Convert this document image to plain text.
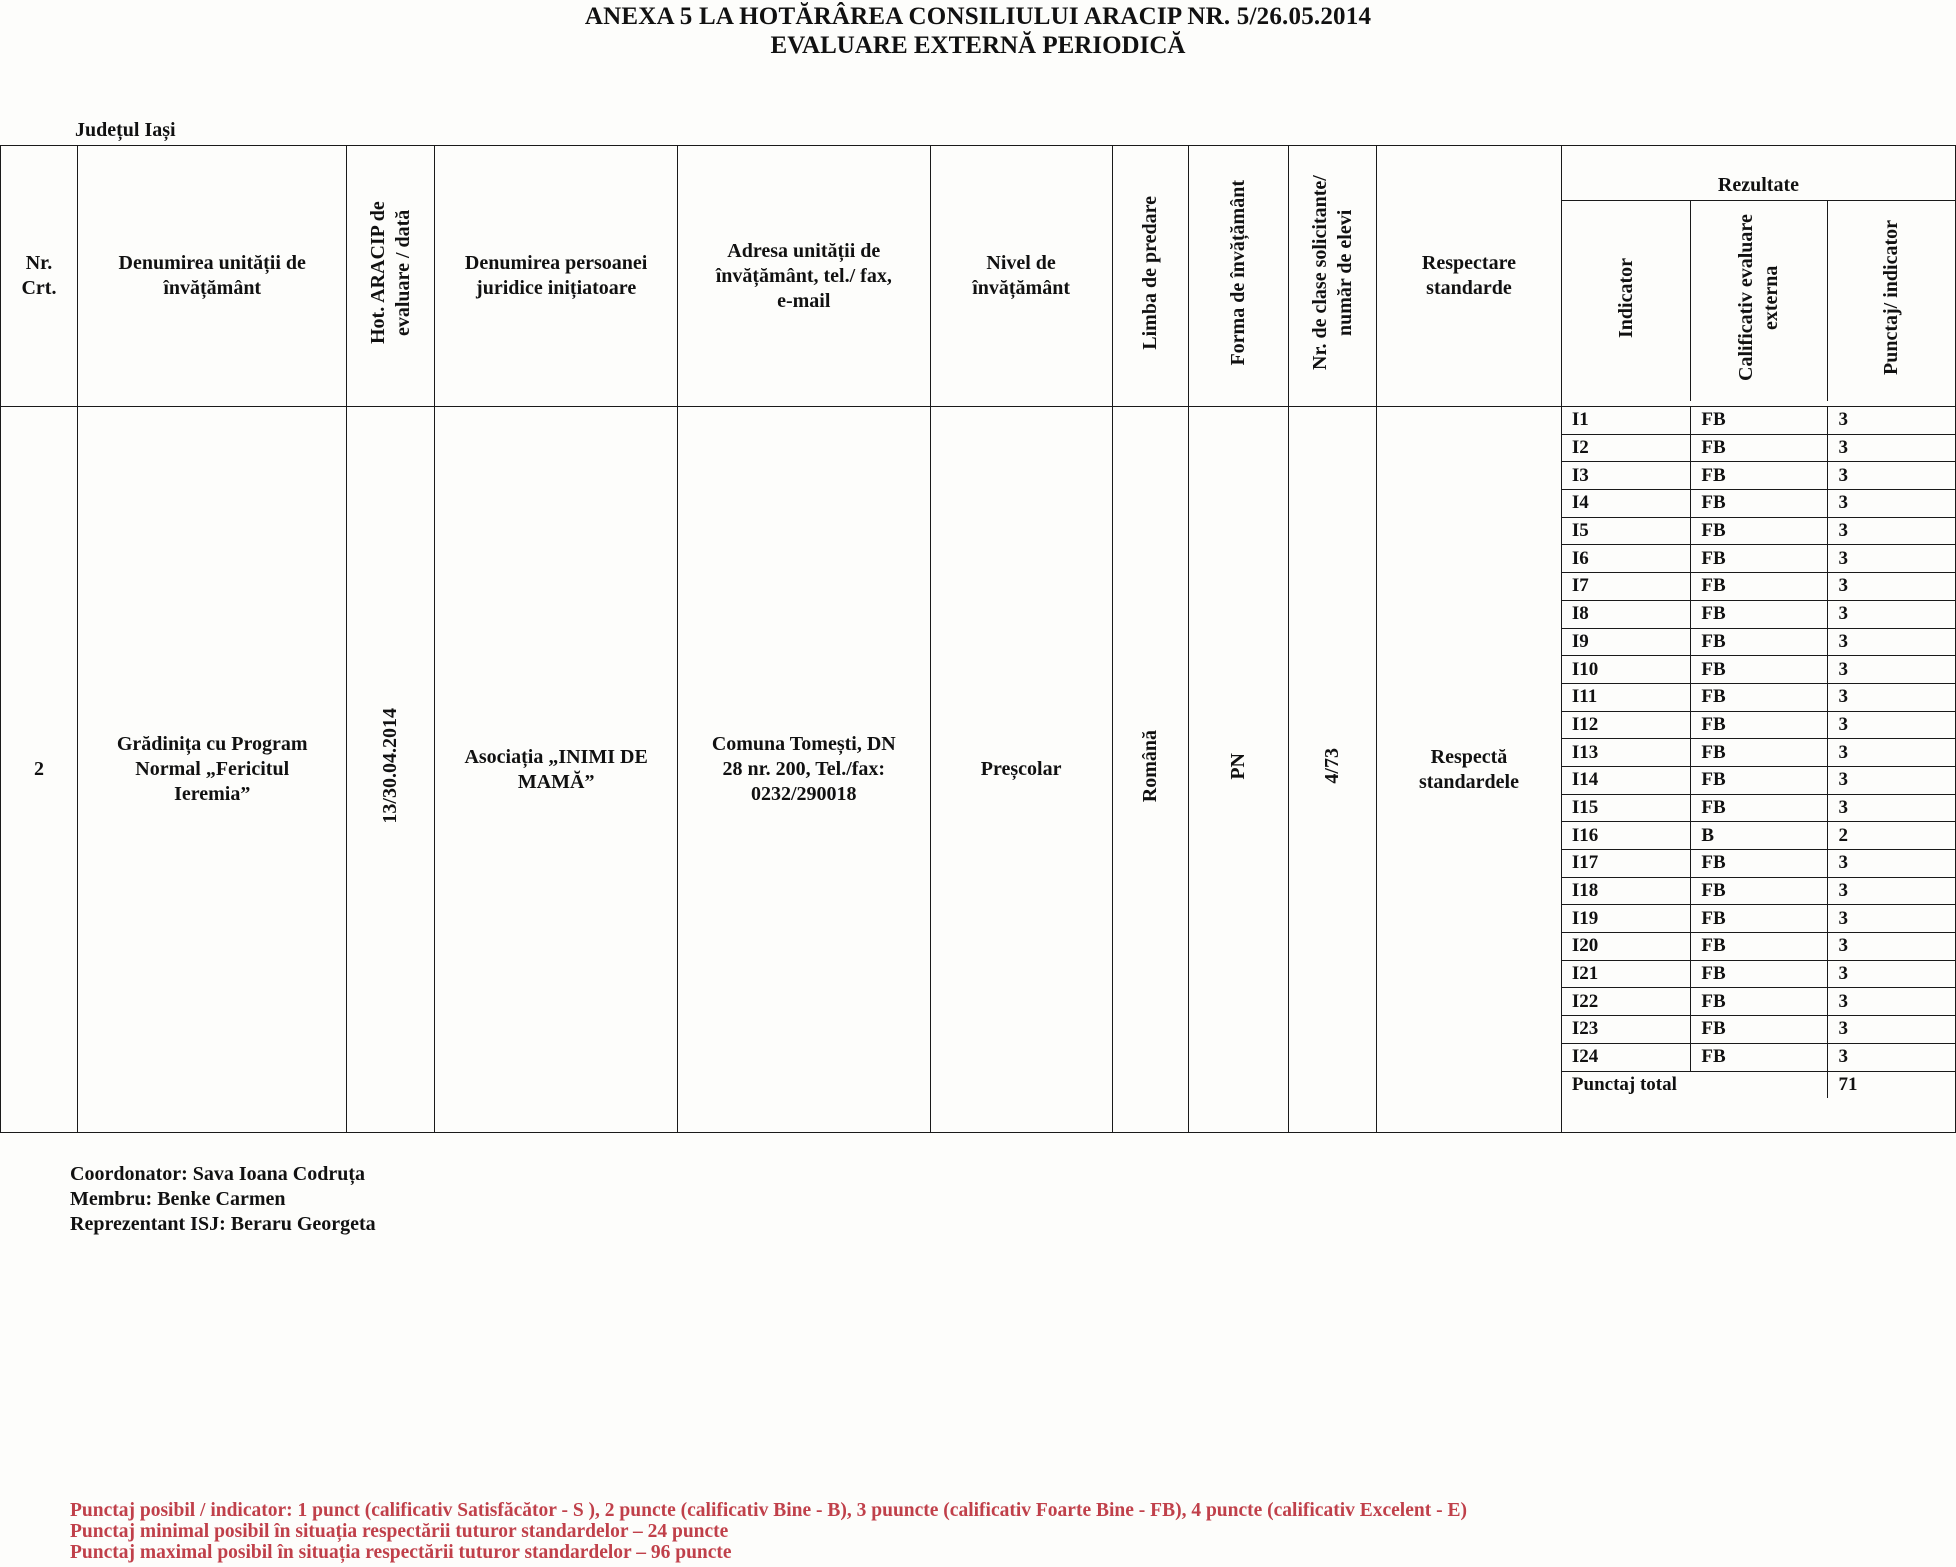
ANEXA 5 LA HOTĂRÂREA CONSILIULUI ARACIP NR. 5/26.05.2014
EVALUARE EXTERNĂ PERIODICĂ
Județul Iași
Nr. Crt.	Denumirea unității de învățământ	Hot. ARACIP de evaluare / dată	Denumirea persoanei juridice inițiatoare	Adresa unității de învățământ, tel./ fax, e-mail	Nivel de învățământ	Limba de predare	Forma de învățământ	Nr. de clase solicitante/ număr de elevi	Respectare standarde	
Rezultate
Indicator	Calificativ evaluare externa	Punctaj/ indicator

2	Grădinița cu Program Normal „Fericitul Ieremia”	13/30.04.2014	Asociația „INIMI DE MAMĂ”	Comuna Tomești, DN 28 nr. 200, Tel./fax: 0232/290018	Preșcolar	Română	PN	4/73	Respectă standardele	
I1	FB	3
I2	FB	3
I3	FB	3
I4	FB	3
I5	FB	3
I6	FB	3
I7	FB	3
I8	FB	3
I9	FB	3
I10	FB	3
I11	FB	3
I12	FB	3
I13	FB	3
I14	FB	3
I15	FB	3
I16	B	2
I17	FB	3
I18	FB	3
I19	FB	3
I20	FB	3
I21	FB	3
I22	FB	3
I23	FB	3
I24	FB	3
Punctaj total	71
Coordonator: Sava Ioana Codruța
Membru: Benke Carmen
Reprezentant ISJ: Beraru Georgeta
Punctaj posibil / indicator: 1 punct (calificativ Satisfăcător - S ), 2 puncte (calificativ Bine - B), 3 puuncte (calificativ Foarte Bine - FB), 4 puncte (calificativ Excelent - E)
Punctaj minimal posibil în situația respectării tuturor standardelor – 24 puncte
Punctaj maximal posibil în situația respectării tuturor standardelor – 96 puncte
